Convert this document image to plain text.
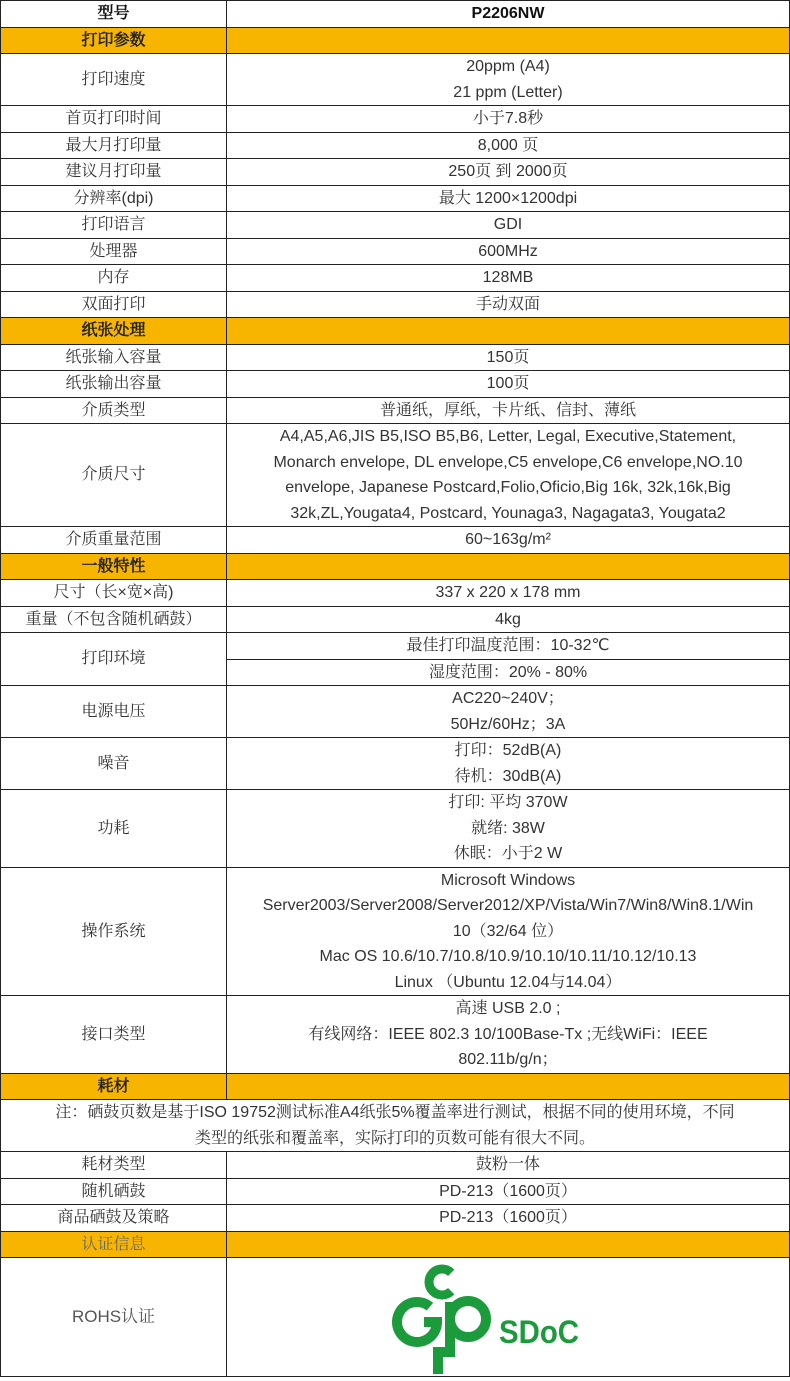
型号	P2206NW
打印参数	
打印速度	20ppm (A4)
21 ppm (Letter)

首页打印时间	小于7.8秒
最大月打印量	8,000 页
建议月打印量	250页 到 2000页
分辨率(dpi)	最大 1200×1200dpi
打印语言	GDI
处理器	600MHz
内存	128MB
双面打印	手动双面
纸张处理	
纸张输入容量	150页
纸张输出容量	100页
介质类型	普通纸，厚纸，卡片纸、信封、薄纸
介质尺寸	A4,A5,A6,JIS B5,ISO B5,B6, Letter, Legal, Executive,Statement,
Monarch envelope, DL envelope,C5 envelope,C6 envelope,NO.10
envelope, Japanese Postcard,Folio,Oficio,Big 16k, 32k,16k,Big
32k,ZL,Yougata4, Postcard, Younaga3, Nagagata3, Yougata2

介质重量范围	60~163g/m²
一般特性	
尺寸（长×宽×高)	337 x 220 x 178 mm
重量（不包含随机硒鼓）	4kg
打印环境	最佳打印温度范围：10-32℃
	湿度范围：20% - 80%
电源电压	AC220~240V；
50Hz/60Hz；3A

噪音	打印：52dB(A)
待机：30dB(A)

功耗	打印: 平均 370W
就绪: 38W
休眠：小于2 W

操作系统	Microsoft Windows
Server2003/Server2008/Server2012/XP/Vista/Win7/Win8/Win8.1/Win
10（32/64 位）
Mac OS 10.6/10.7/10.8/10.9/10.10/10.11/10.12/10.13
Linux （Ubuntu 12.04与14.04）

接口类型	高速 USB 2.0 ;
有线网络：IEEE 802.3 10/100Base-Tx ;无线WiFi：IEEE
802.11b/g/n；

耗材	

注：硒鼓页数是基于ISO 19752测试标准A4纸张5%覆盖率进行测试，根据不同的使用环境，不同
类型的纸张和覆盖率，实际打印的页数可能有很大不同。	

耗材类型	鼓粉一体
随机硒鼓	PD-213（1600页）
商品硒鼓及策略	PD-213（1600页）
认证信息	
ROHS认证	SDoC
